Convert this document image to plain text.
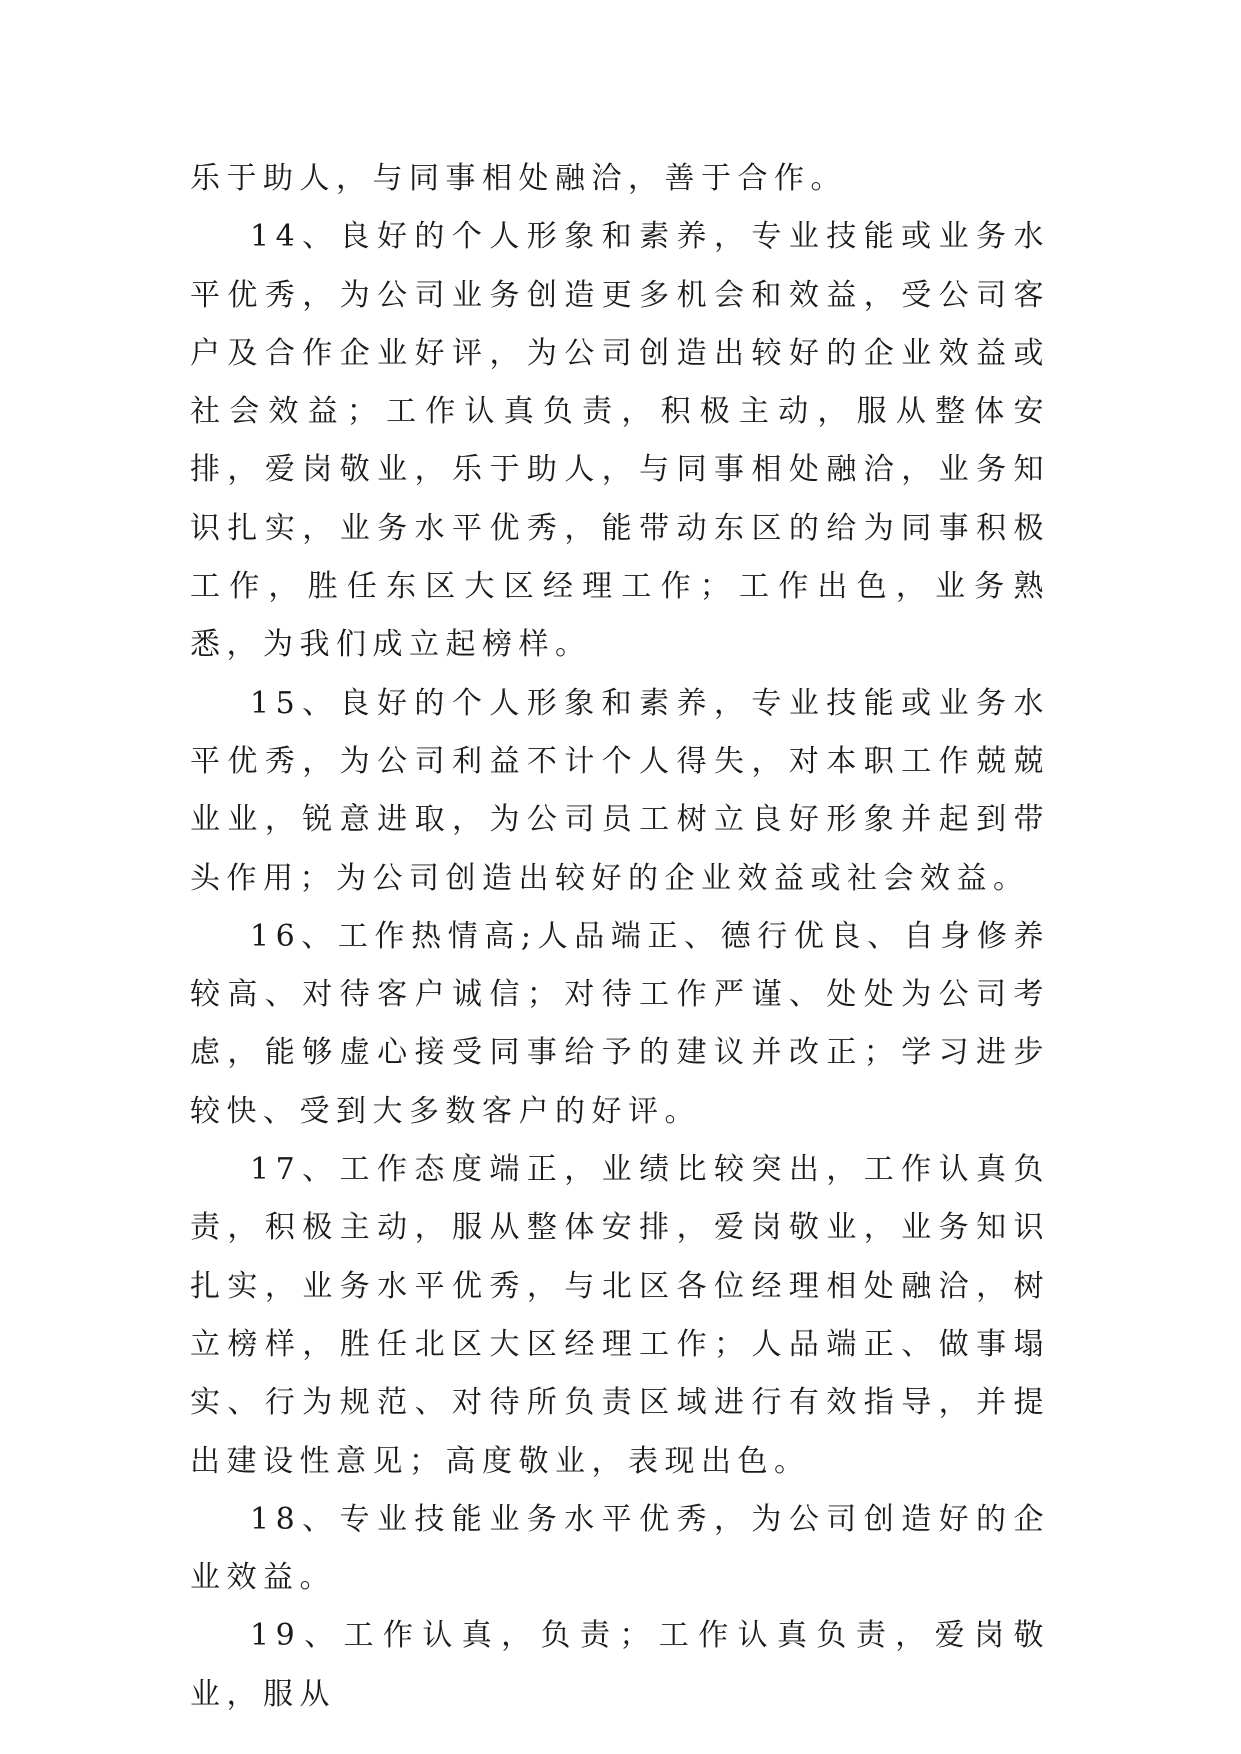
乐于助人，与同事相处融洽，善于合作。

14、良好的个人形象和素养，专业技能或业务水平优秀，为公司业务创造更多机会和效益，受公司客户及合作企业好评，为公司创造出较好的企业效益或社会效益；工作认真负责，积极主动，服从整体安排，爱岗敬业，乐于助人，与同事相处融洽，业务知识扎实，业务水平优秀，能带动东区的给为同事积极工作，胜任东区大区经理工作；工作出色，业务熟悉，为我们成立起榜样。

15、良好的个人形象和素养，专业技能或业务水平优秀，为公司利益不计个人得失，对本职工作兢兢业业，锐意进取，为公司员工树立良好形象并起到带头作用；为公司创造出较好的企业效益或社会效益。

16、工作热情高;人品端正、德行优良、自身修养较高、对待客户诚信；对待工作严谨、处处为公司考虑，能够虚心接受同事给予的建议并改正；学习进步较快、受到大多数客户的好评。

17、工作态度端正，业绩比较突出，工作认真负责，积极主动，服从整体安排，爱岗敬业，业务知识扎实，业务水平优秀，与北区各位经理相处融洽，树立榜样，胜任北区大区经理工作；人品端正、做事塌实、行为规范、对待所负责区域进行有效指导，并提出建设性意见；高度敬业，表现出色。

18、专业技能业务水平优秀，为公司创造好的企业效益。

19、工作认真，负责；工作认真负责，爱岗敬业，服从
